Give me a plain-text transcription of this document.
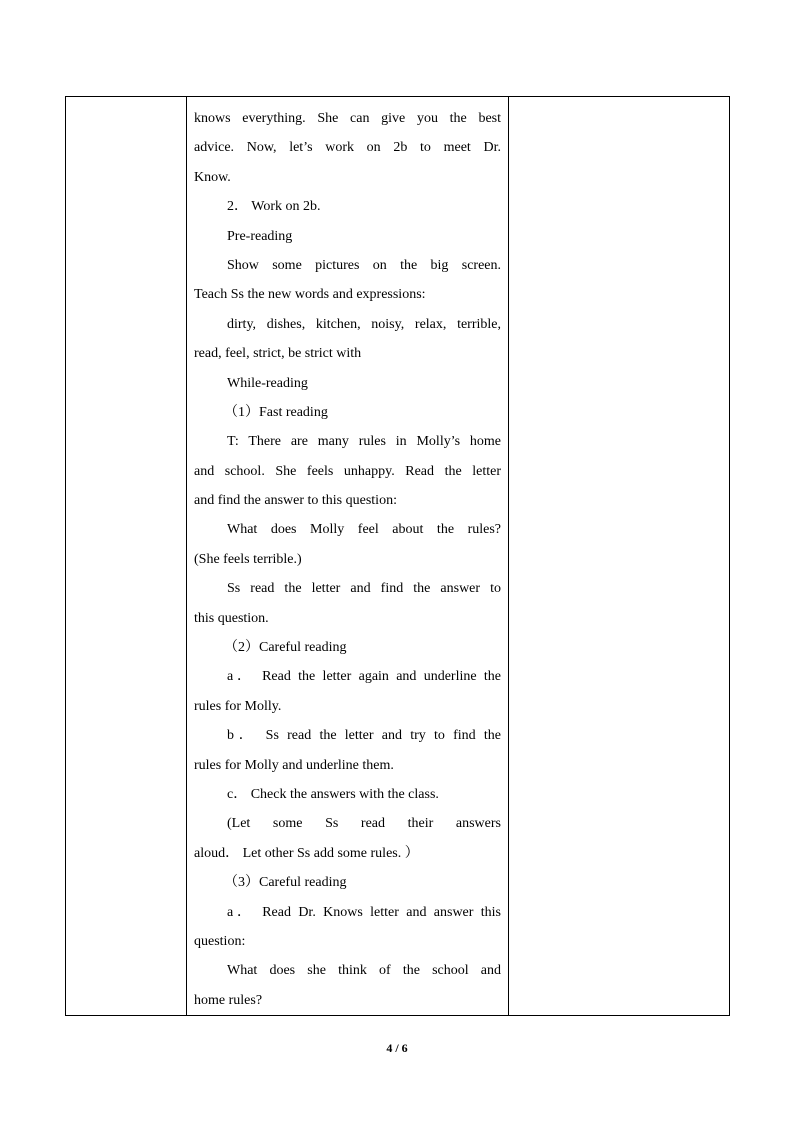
knows everything. She can give you the best
advice. Now, let’s work on 2b to meet Dr.
Know.
2． Work on 2b.
Pre-reading
Show some pictures on the big screen.
Teach Ss the new words and expressions:
dirty, dishes, kitchen, noisy, relax, terrible,
read, feel, strict, be strict with
While-reading
（1）Fast reading
T: There are many rules in Molly’s home
and school. She feels unhappy. Read the letter
and find the answer to this question:
What does Molly feel about the rules?
(She feels terrible.)
Ss read the letter and find the answer to
this question.
（2）Careful reading
a． Read the letter again and underline the
rules for Molly.
b． Ss read the letter and try to find the
rules for Molly and underline them.
c． Check the answers with the class.
(Let some Ss read their answers
aloud． Let other Ss add some rules. ）
（3）Careful reading
a． Read Dr. Knows letter and answer this
question:
What does she think of the school and
home rules?

4 / 6
